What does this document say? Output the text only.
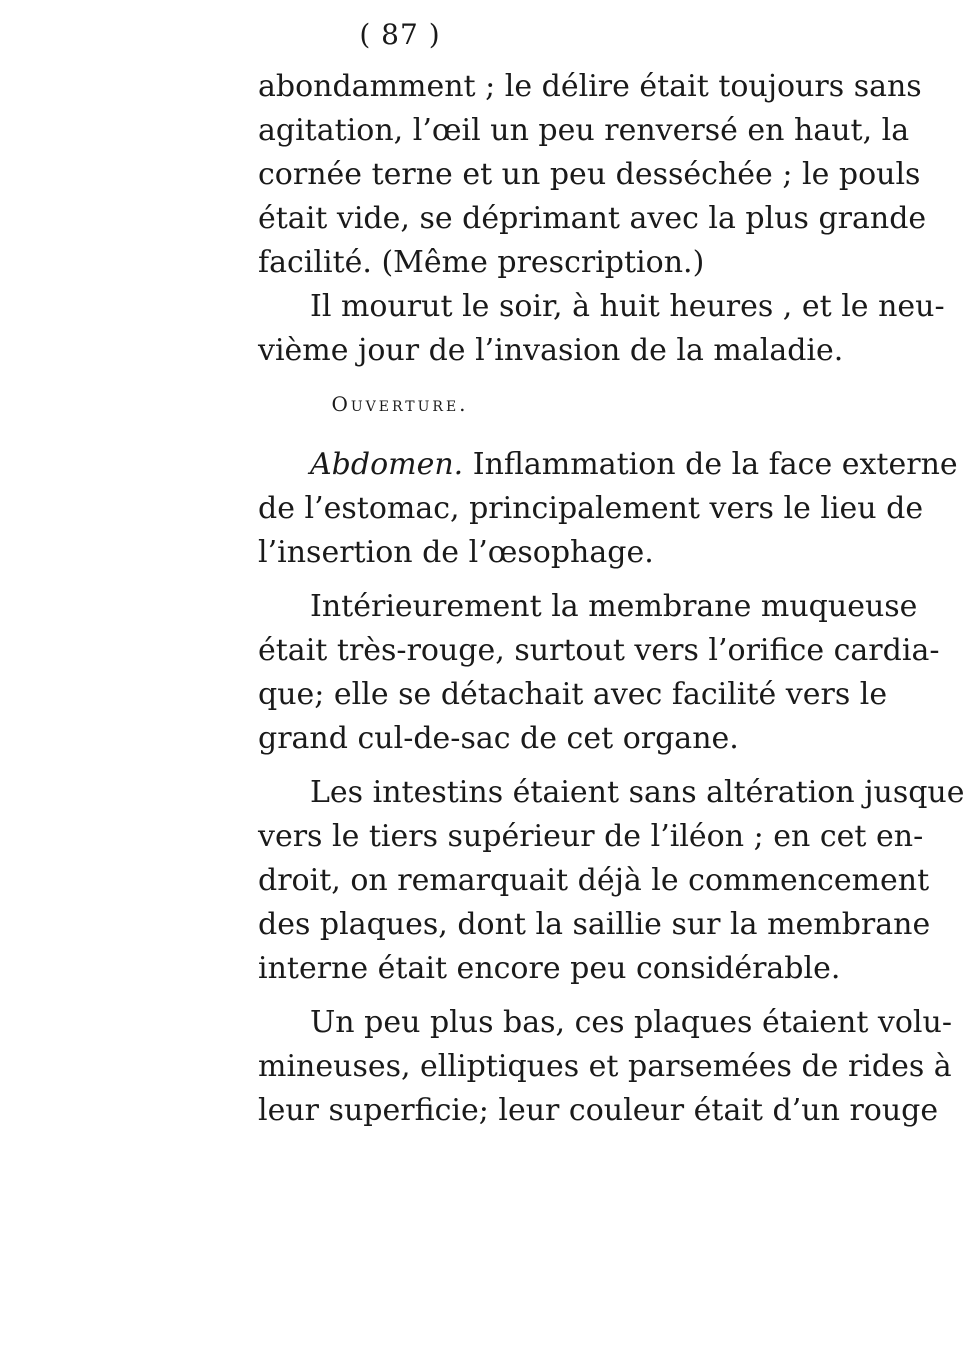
( 87 )
abondamment ; le délire était toujours sans
agitation, l’œil un peu renversé en haut, la
cornée terne et un peu desséchée ; le pouls
était vide, se déprimant avec la plus grande
facilité. (Même prescription.)
Il mourut le soir, à huit heures , et le neu-
vième jour de l’invasion de la maladie.
Ouverture.
Abdomen. Inflammation de la face externe
de l’estomac, principalement vers le lieu de
l’insertion de l’œsophage.
Intérieurement la membrane muqueuse
était très-rouge, surtout vers l’orifice cardia-
que; elle se détachait avec facilité vers le
grand cul-de-sac de cet organe.
Les intestins étaient sans altération jusque
vers le tiers supérieur de l’iléon ; en cet en-
droit, on remarquait déjà le commencement
des plaques, dont la saillie sur la membrane
interne était encore peu considérable.
Un peu plus bas, ces plaques étaient volu-
mineuses, elliptiques et parsemées de rides à
leur superficie; leur couleur était d’un rouge
